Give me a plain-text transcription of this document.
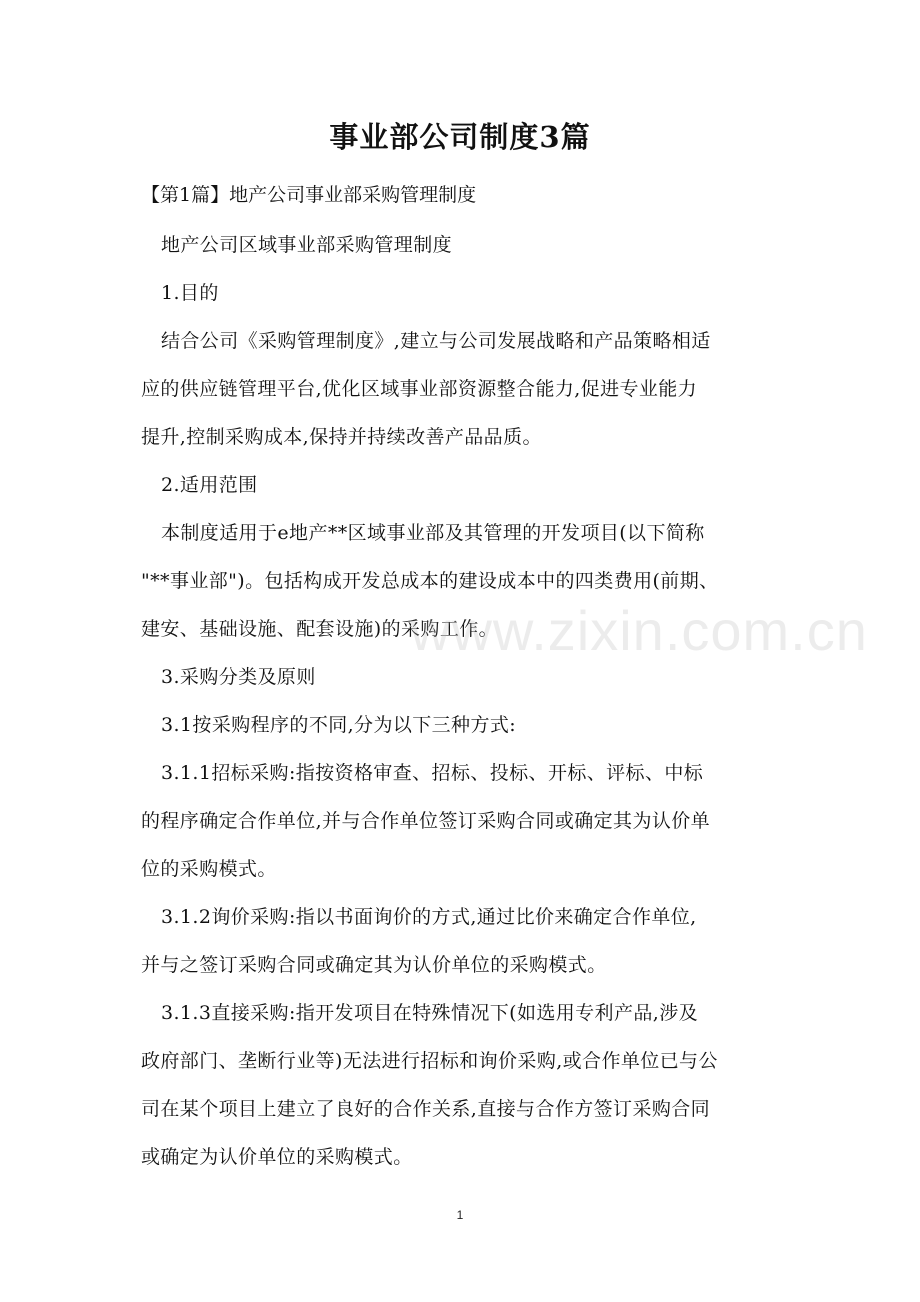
事业部公司制度3篇

【第1篇】地产公司事业部采购管理制度

地产公司区域事业部采购管理制度

1.目的

结合公司《采购管理制度》,建立与公司发展战略和产品策略相适

应的供应链管理平台,优化区域事业部资源整合能力,促进专业能力

提升,控制采购成本,保持并持续改善产品品质。

2.适用范围

本制度适用于e地产**区域事业部及其管理的开发项目(以下简称

"**事业部")。包括构成开发总成本的建设成本中的四类费用(前期、

建安、基础设施、配套设施)的采购工作。

3.采购分类及原则

3.1按采购程序的不同,分为以下三种方式:

3.1.1招标采购:指按资格审查、招标、投标、开标、评标、中标

的程序确定合作单位,并与合作单位签订采购合同或确定其为认价单

位的采购模式。

3.1.2询价采购:指以书面询价的方式,通过比价来确定合作单位,

并与之签订采购合同或确定其为认价单位的采购模式。

3.1.3直接采购:指开发项目在特殊情况下(如选用专利产品,涉及

政府部门、垄断行业等)无法进行招标和询价采购,或合作单位已与公

司在某个项目上建立了良好的合作关系,直接与合作方签订采购合同

或确定为认价单位的采购模式。

www.zixin.com.cn
1
